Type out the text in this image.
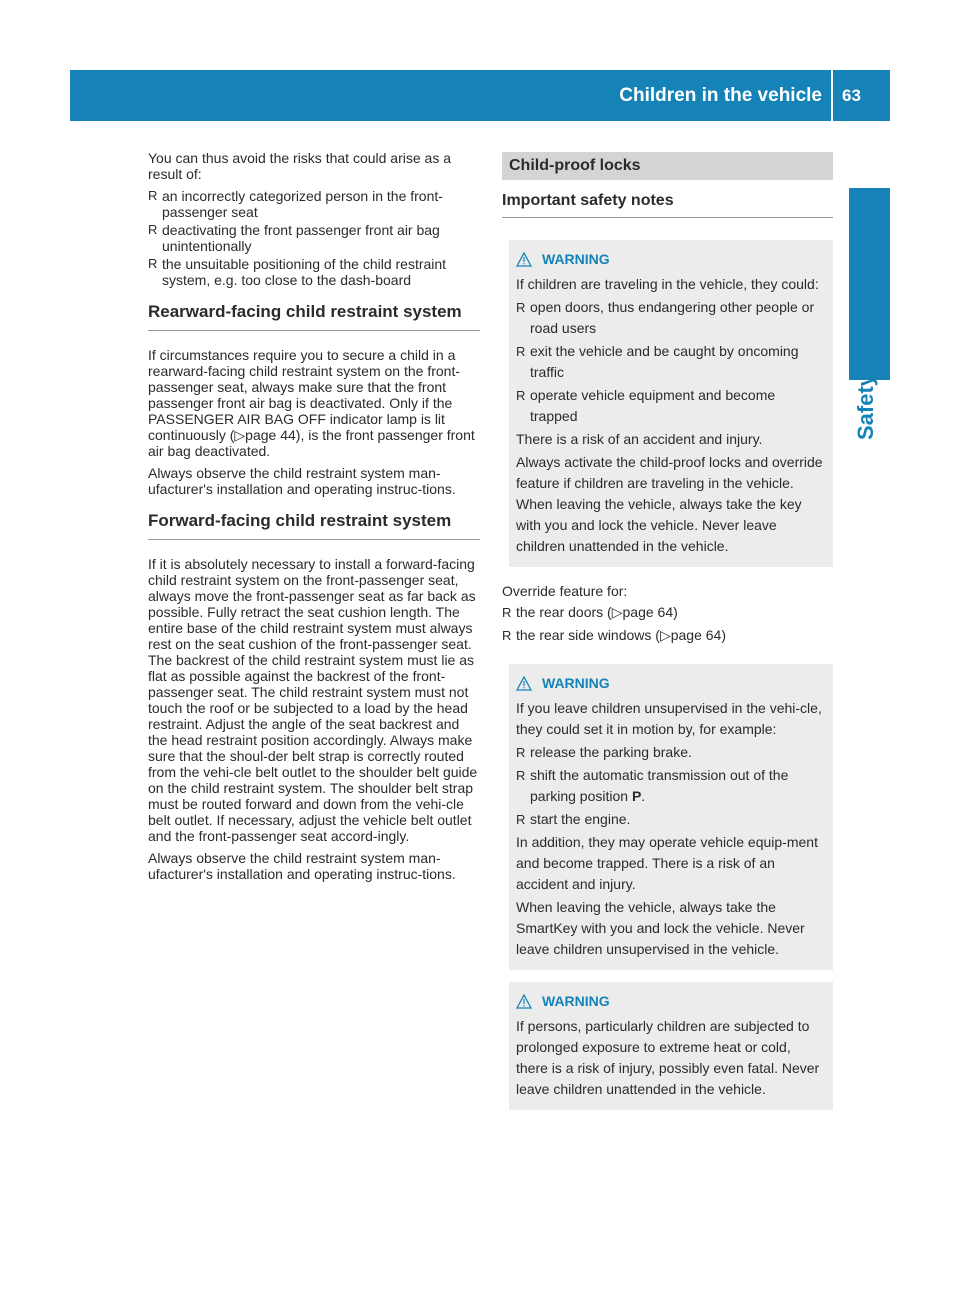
Children in the vehicle 63
Safety

You can thus avoid the risks that could arise as a result of:

R an incorrectly categorized person in the front-passenger seat
R deactivating the front passenger front air bag unintentionally
R the unsuitable positioning of the child restraint system, e.g. too close to the dash-board
Rearward-facing child restraint system

If circumstances require you to secure a child in a rearward-facing child restraint system on the front-passenger seat, always make sure that the front passenger front air bag is deactivated. Only if the PASSENGER AIR BAG OFF indicator lamp is lit continuously (▷page 44), is the front passenger front air bag deactivated.

Always observe the child restraint system man-ufacturer's installation and operating instruc-tions.

Forward-facing child restraint system

If it is absolutely necessary to install a forward-facing child restraint system on the front-passenger seat, always move the front-passenger seat as far back as possible. Fully retract the seat cushion length. The entire base of the child restraint system must always rest on the seat cushion of the front-passenger seat. The backrest of the child restraint system must lie as flat as possible against the backrest of the front-passenger seat. The child restraint system must not touch the roof or be subjected to a load by the head restraint. Adjust the angle of the seat backrest and the head restraint position accordingly. Always make sure that the shoul-der belt strap is correctly routed from the vehi-cle belt outlet to the shoulder belt guide on the child restraint system. The shoulder belt strap must be routed forward and down from the vehi-cle belt outlet. If necessary, adjust the vehicle belt outlet and the front-passenger seat accord-ingly.

Always observe the child restraint system man-ufacturer's installation and operating instruc-tions.

Child-proof locks
Important safety notes
WARNING

If children are traveling in the vehicle, they could:

R open doors, thus endangering other people or road users
R exit the vehicle and be caught by oncoming traffic
R operate vehicle equipment and become trapped

There is a risk of an accident and injury.

Always activate the child-proof locks and override feature if children are traveling in the vehicle. When leaving the vehicle, always take the key with you and lock the vehicle. Never leave children unattended in the vehicle.

Override feature for:

R the rear doors (▷page 64)
R the rear side windows (▷page 64)
WARNING

If you leave children unsupervised in the vehi-cle, they could set it in motion by, for example:

R release the parking brake.
R shift the automatic transmission out of the parking position P.
R start the engine.

In addition, they may operate vehicle equip-ment and become trapped. There is a risk of an accident and injury.

When leaving the vehicle, always take the SmartKey with you and lock the vehicle. Never leave children unsupervised in the vehicle.

WARNING

If persons, particularly children are subjected to prolonged exposure to extreme heat or cold, there is a risk of injury, possibly even fatal. Never leave children unattended in the vehicle.
